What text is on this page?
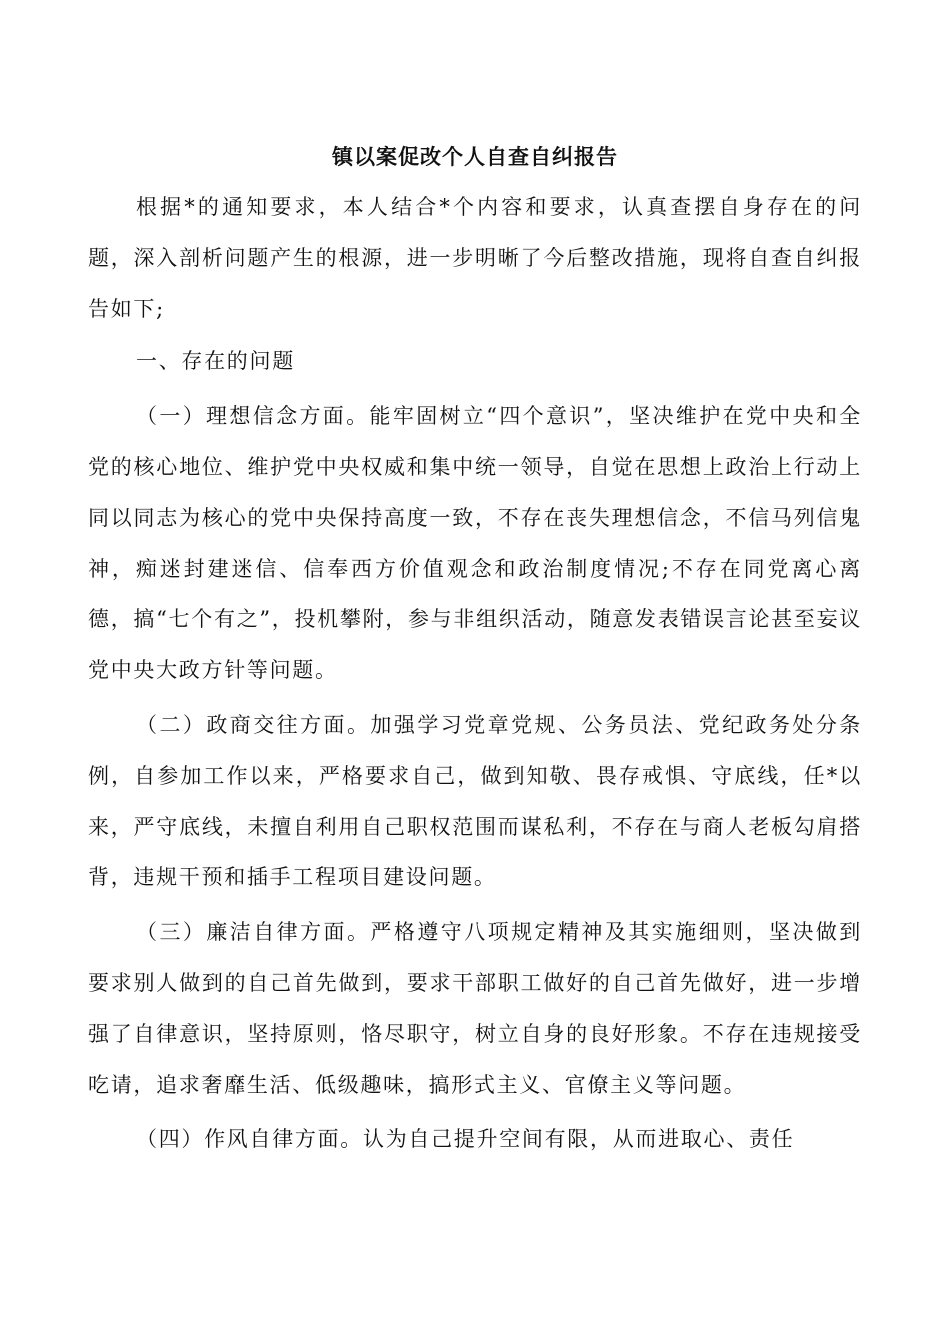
镇以案促改个人自查自纠报告

根据*的通知要求，本人结合*个内容和要求，认真查摆自身存在的问题，深入剖析问题产生的根源，进一步明晰了今后整改措施，现将自查自纠报告如下;

一、存在的问题

（一）理想信念方面。能牢固树立“四个意识”，坚决维护在党中央和全党的核心地位、维护党中央权威和集中统一领导，自觉在思想上政治上行动上同以同志为核心的党中央保持高度一致，不存在丧失理想信念，不信马列信鬼神，痴迷封建迷信、信奉西方价值观念和政治制度情况;不存在同党离心离德，搞“七个有之”，投机攀附，参与非组织活动，随意发表错误言论甚至妄议党中央大政方针等问题。

（二）政商交往方面。加强学习党章党规、公务员法、党纪政务处分条例，自参加工作以来，严格要求自己，做到知敬、畏存戒惧、守底线，任*以来，严守底线，未擅自利用自己职权范围而谋私利，不存在与商人老板勾肩搭背，违规干预和插手工程项目建设问题。

（三）廉洁自律方面。严格遵守八项规定精神及其实施细则，坚决做到要求别人做到的自己首先做到，要求干部职工做好的自己首先做好，进一步增强了自律意识，坚持原则，恪尽职守，树立自身的良好形象。不存在违规接受吃请，追求奢靡生活、低级趣味，搞形式主义、官僚主义等问题。

（四）作风自律方面。认为自己提升空间有限，从而进取心、责任
